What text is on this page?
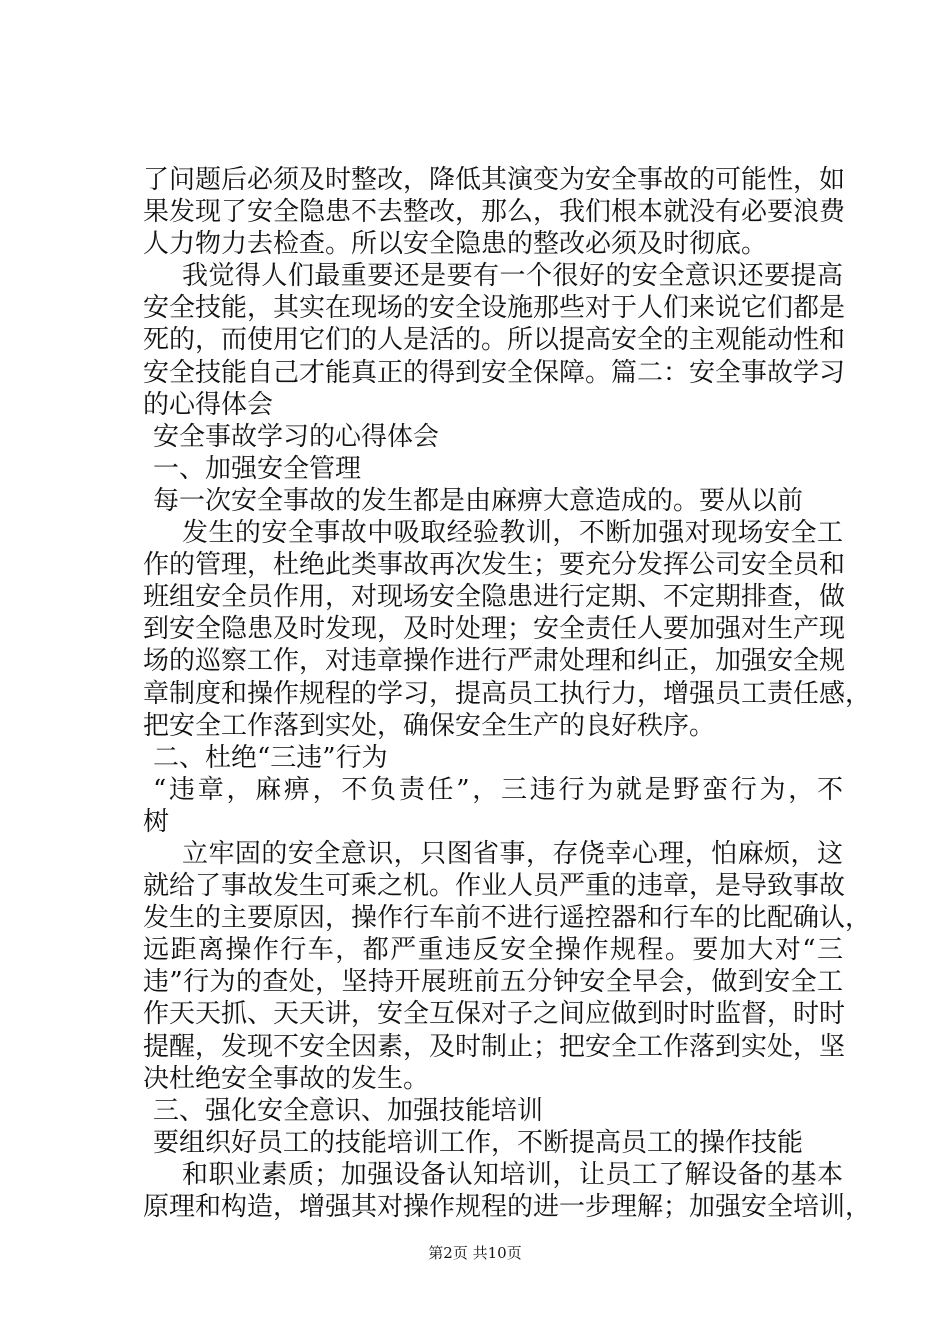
了问题后必须及时整改，降低其演变为安全事故的可能性，如
果发现了安全隐患不去整改，那么，我们根本就没有必要浪费
人力物力去检查。所以安全隐患的整改必须及时彻底。
我觉得人们最重要还是要有一个很好的安全意识还要提高
安全技能，其实在现场的安全设施那些对于人们来说它们都是
死的，而使用它们的人是活的。所以提高安全的主观能动性和
安全技能自己才能真正的得到安全保障。篇二：安全事故学习
的心得体会
安全事故学习的心得体会
一、加强安全管理
每一次安全事故的发生都是由麻痹大意造成的。要从以前
发生的安全事故中吸取经验教训，不断加强对现场安全工
作的管理，杜绝此类事故再次发生；要充分发挥公司安全员和
班组安全员作用，对现场安全隐患进行定期、不定期排查，做
到安全隐患及时发现，及时处理；安全责任人要加强对生产现
场的巡察工作，对违章操作进行严肃处理和纠正，加强安全规
章制度和操作规程的学习，提高员工执行力，增强员工责任感，
把安全工作落到实处，确保安全生产的良好秩序。
二、杜绝“三违”行为
“违章，麻痹，不负责任”，三违行为就是野蛮行为，不
树
立牢固的安全意识，只图省事，存侥幸心理，怕麻烦，这
就给了事故发生可乘之机。作业人员严重的违章，是导致事故
发生的主要原因，操作行车前不进行遥控器和行车的比配确认，
远距离操作行车，都严重违反安全操作规程。要加大对“三
违”行为的查处，坚持开展班前五分钟安全早会，做到安全工
作天天抓、天天讲，安全互保对子之间应做到时时监督，时时
提醒，发现不安全因素，及时制止；把安全工作落到实处，坚
决杜绝安全事故的发生。
三、强化安全意识、加强技能培训
要组织好员工的技能培训工作，不断提高员工的操作技能
和职业素质；加强设备认知培训，让员工了解设备的基本
原理和构造，增强其对操作规程的进一步理解；加强安全培训，
第2页 共10页
